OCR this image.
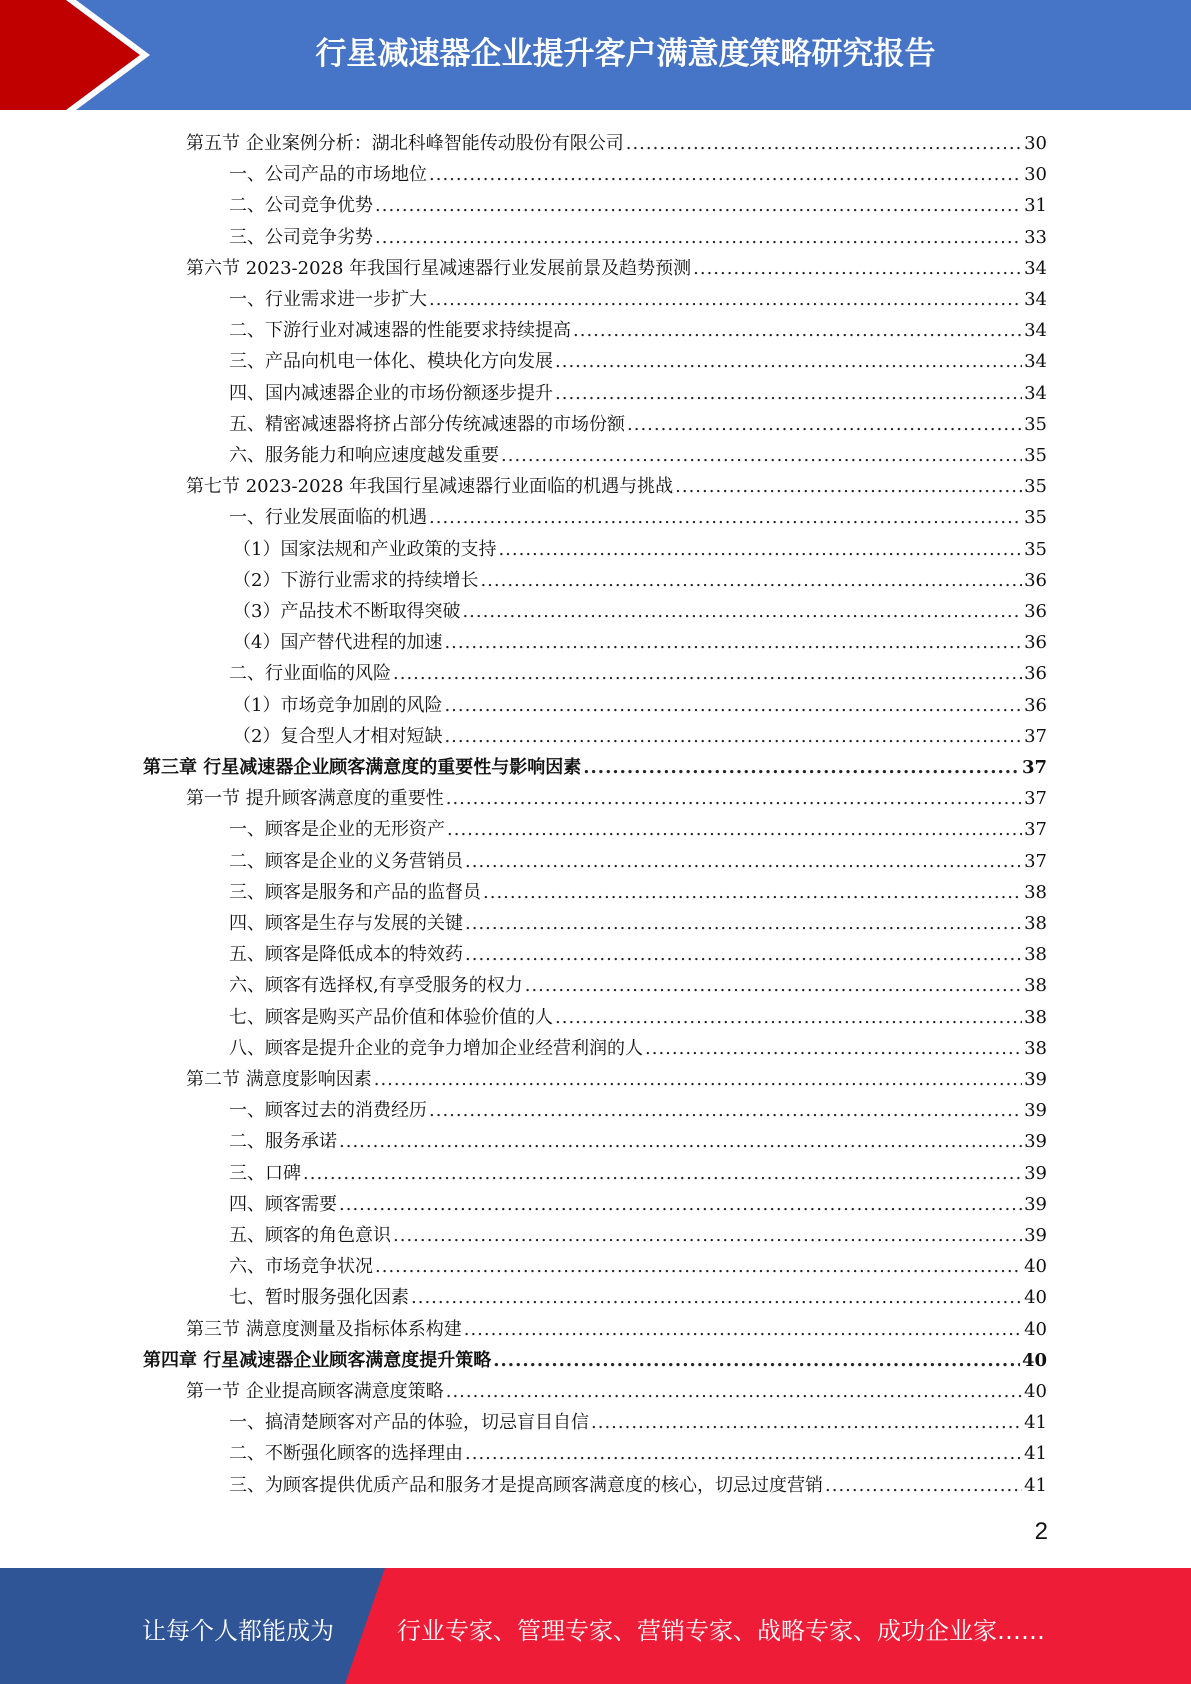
行星减速器企业提升客户满意度策略研究报告
第五节 企业案例分析：湖北科峰智能传动股份有限公司 .....	30
一、公司产品的市场地位 .....	30
二、公司竞争优势 .....	31
三、公司竞争劣势 .....	33
第六节 2023-2028 年我国行星减速器行业发展前景及趋势预测 .....	34
一、行业需求进一步扩大 .....	34
二、下游行业对减速器的性能要求持续提高 .....	34
三、产品向机电一体化、模块化方向发展 .....	34
四、国内减速器企业的市场份额逐步提升 .....	34
五、精密减速器将挤占部分传统减速器的市场份额 .....	35
六、服务能力和响应速度越发重要 .....	35
第七节 2023-2028 年我国行星减速器行业面临的机遇与挑战 .....	35
一、行业发展面临的机遇 .....	35
（1）国家法规和产业政策的支持 .....	35
（2）下游行业需求的持续增长 .....	36
（3）产品技术不断取得突破 .....	36
（4）国产替代进程的加速 .....	36
二、行业面临的风险 .....	36
（1）市场竞争加剧的风险 .....	36
（2）复合型人才相对短缺 .....	37
第三章 行星减速器企业顾客满意度的重要性与影响因素 .....	37
第一节 提升顾客满意度的重要性 .....	37
一、顾客是企业的无形资产 .....	37
二、顾客是企业的义务营销员 .....	37
三、顾客是服务和产品的监督员 .....	38
四、顾客是生存与发展的关键 .....	38
五、顾客是降低成本的特效药 .....	38
六、顾客有选择权,有享受服务的权力 .....	38
七、顾客是购买产品价值和体验价值的人 .....	38
八、顾客是提升企业的竞争力增加企业经营利润的人 .....	38
第二节 满意度影响因素 .....	39
一、顾客过去的消费经历 .....	39
二、服务承诺 .....	39
三、口碑 .....	39
四、顾客需要 .....	39
五、顾客的角色意识 .....	39
六、市场竞争状况 .....	40
七、暂时服务强化因素 .....	40
第三节 满意度测量及指标体系构建 .....	40
第四章 行星减速器企业顾客满意度提升策略 .....	40
第一节 企业提高顾客满意度策略 .....	40
一、搞清楚顾客对产品的体验，切忌盲目自信 .....	41
二、不断强化顾客的选择理由 .....	41
三、为顾客提供优质产品和服务才是提高顾客满意度的核心，切忌过度营销 .....	41
2
让每个人都能成为	行业专家、管理专家、营销专家、战略专家、成功企业家……
